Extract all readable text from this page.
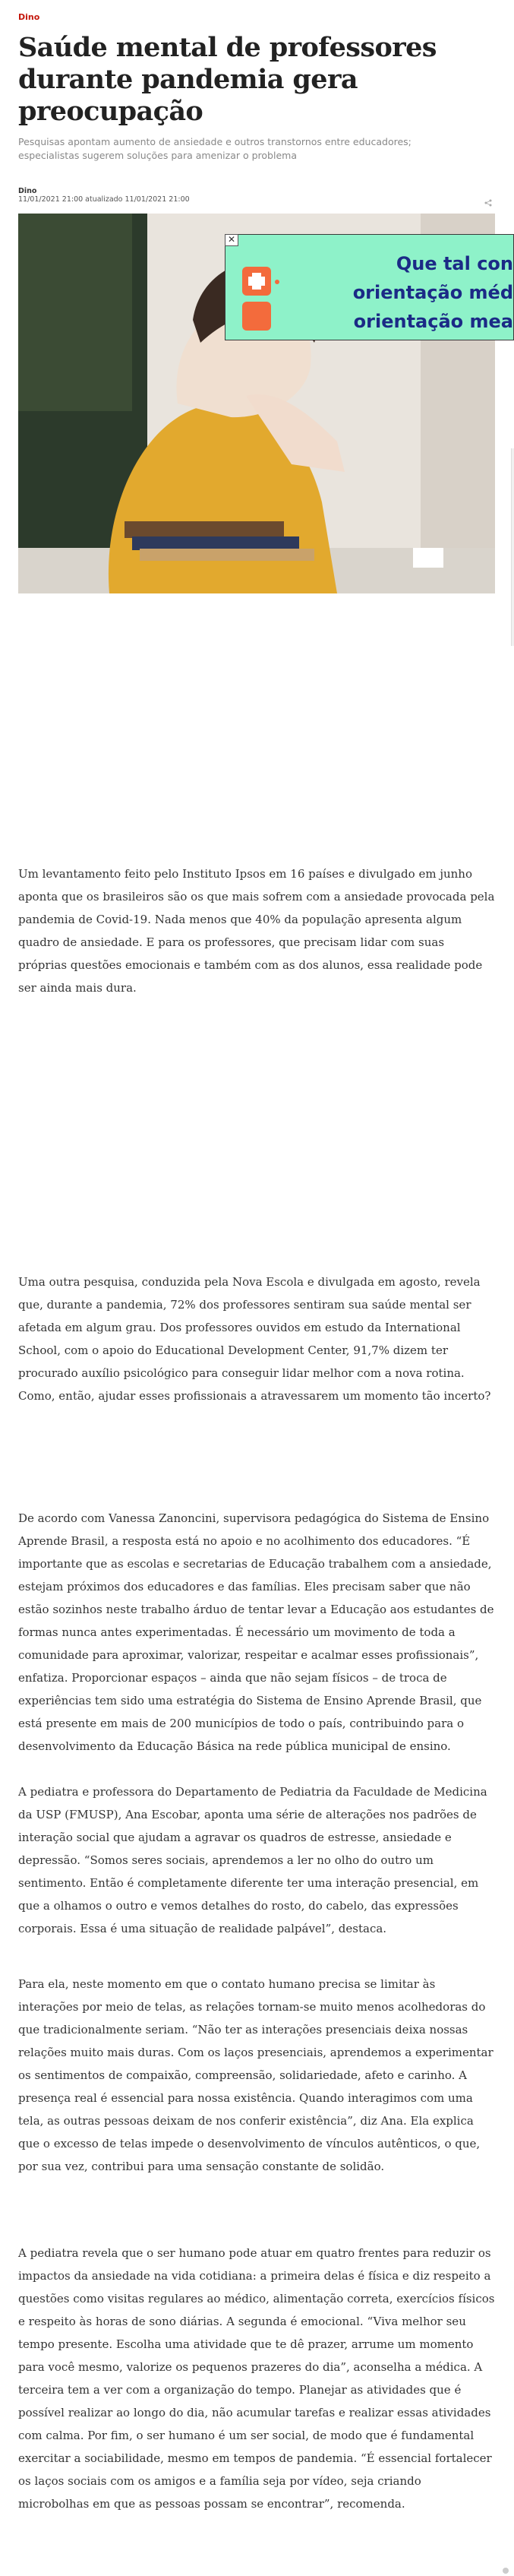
Dino
Saúde mental de professores durante pandemia gera preocupação

Pesquisas apontam aumento de ansiedade e outros transtornos entre educadores; especialistas sugerem soluções para amenizar o problema

Dino
11/01/2021 21:00 atualizado 11/01/2021 21:00
✕
Que tal con
orientação méd
orientação mea

Um levantamento feito pelo Instituto Ipsos em 16 países e divulgado em junho aponta que os brasileiros são os que mais sofrem com a ansiedade provocada pela pandemia de Covid-19. Nada menos que 40% da população apresenta algum quadro de ansiedade. E para os professores, que precisam lidar com suas próprias questões emocionais e também com as dos alunos, essa realidade pode ser ainda mais dura.

Uma outra pesquisa, conduzida pela Nova Escola e divulgada em agosto, revela que, durante a pandemia, 72% dos professores sentiram sua saúde mental ser afetada em algum grau. Dos professores ouvidos em estudo da International School, com o apoio do Educational Development Center, 91,7% dizem ter procurado auxílio psicológico para conseguir lidar melhor com a nova rotina. Como, então, ajudar esses profissionais a atravessarem um momento tão incerto?

De acordo com Vanessa Zanoncini, supervisora pedagógica do Sistema de Ensino Aprende Brasil, a resposta está no apoio e no acolhimento dos educadores. “É importante que as escolas e secretarias de Educação trabalhem com a ansiedade, estejam próximos dos educadores e das famílias. Eles precisam saber que não estão sozinhos neste trabalho árduo de tentar levar a Educação aos estudantes de formas nunca antes experimentadas. É necessário um movimento de toda a comunidade para aproximar, valorizar, respeitar e acalmar esses profissionais”, enfatiza. Proporcionar espaços – ainda que não sejam físicos – de troca de experiências tem sido uma estratégia do Sistema de Ensino Aprende Brasil, que está presente em mais de 200 municípios de todo o país, contribuindo para o desenvolvimento da Educação Básica na rede pública municipal de ensino.

A pediatra e professora do Departamento de Pediatria da Faculdade de Medicina da USP (FMUSP), Ana Escobar, aponta uma série de alterações nos padrões de interação social que ajudam a agravar os quadros de estresse, ansiedade e depressão. “Somos seres sociais, aprendemos a ler no olho do outro um sentimento. Então é completamente diferente ter uma interação presencial, em que a olhamos o outro e vemos detalhes do rosto, do cabelo, das expressões corporais. Essa é uma situação de realidade palpável”, destaca.

Para ela, neste momento em que o contato humano precisa se limitar às interações por meio de telas, as relações tornam-se muito menos acolhedoras do que tradicionalmente seriam. “Não ter as interações presenciais deixa nossas relações muito mais duras. Com os laços presenciais, aprendemos a experimentar os sentimentos de compaixão, compreensão, solidariedade, afeto e carinho. A presença real é essencial para nossa existência. Quando interagimos com uma tela, as outras pessoas deixam de nos conferir existência”, diz Ana. Ela explica que o excesso de telas impede o desenvolvimento de vínculos autênticos, o que, por sua vez, contribui para uma sensação constante de solidão.

A pediatra revela que o ser humano pode atuar em quatro frentes para reduzir os impactos da ansiedade na vida cotidiana: a primeira delas é física e diz respeito a questões como visitas regulares ao médico, alimentação correta, exercícios físicos e respeito às horas de sono diárias. A segunda é emocional. “Viva melhor seu tempo presente. Escolha uma atividade que te dê prazer, arrume um momento para você mesmo, valorize os pequenos prazeres do dia”, aconselha a médica. A terceira tem a ver com a organização do tempo. Planejar as atividades que é possível realizar ao longo do dia, não acumular tarefas e realizar essas atividades com calma. Por fim, o ser humano é um ser social, de modo que é fundamental exercitar a sociabilidade, mesmo em tempos de pandemia. “É essencial fortalecer os laços sociais com os amigos e a família seja por vídeo, seja criando microbolhas em que as pessoas possam se encontrar”, recomenda.
